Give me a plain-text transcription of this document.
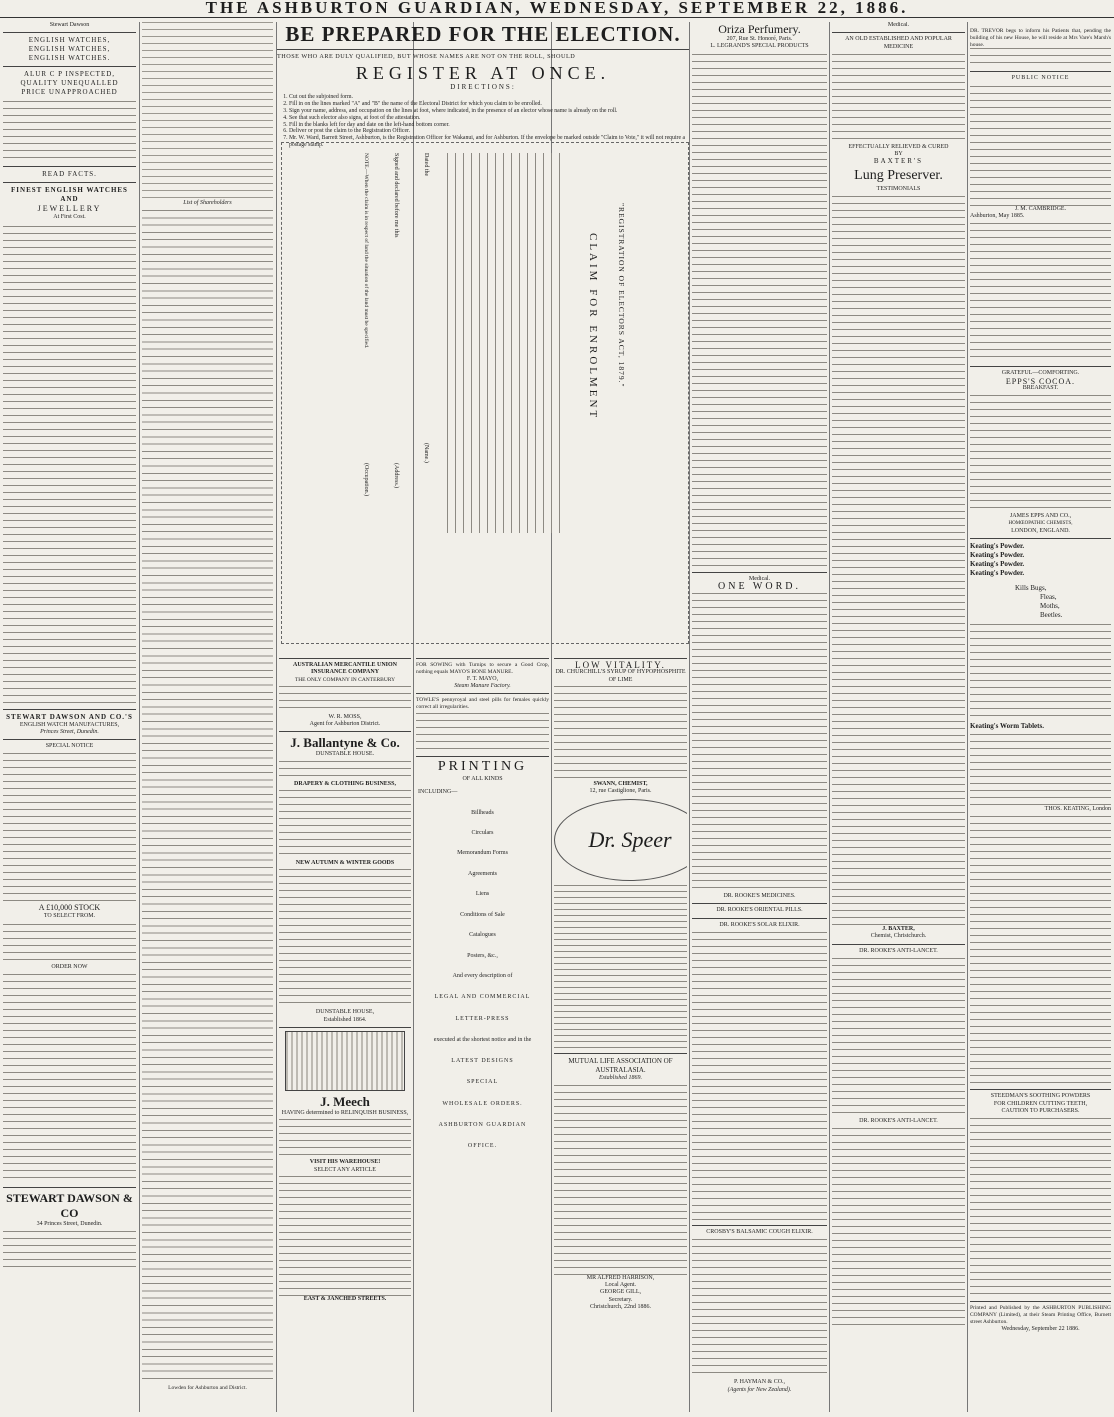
THE ASHBURTON GUARDIAN, WEDNESDAY, SEPTEMBER 22, 1886.
Stewart Dawson
ENGLISH WATCHES,
ENGLISH WATCHES,
ENGLISH WATCHES.
ALUR C P INSPECTED,
QUALITY UNEQUALLED
PRICE UNAPPROACHED
READ FACTS.
FINEST ENGLISH WATCHES AND
JEWELLERY
At First Cost.
STEWART DAWSON AND CO.'S
ENGLISH WATCH MANUFACTURES,
Princes Street, Dunedin.
SPECIAL NOTICE
A £10,000 STOCK
TO SELECT FROM.
ORDER NOW
STEWART DAWSON & CO
34 Princes Street, Dunedin.
List of Shareholders
Lowden for Ashburton and District.
BE PREPARED FOR THE ELECTION.
THOSE WHO ARE DULY QUALIFIED, BUT WHOSE NAMES ARE NOT ON THE ROLL, SHOULD
REGISTER AT ONCE.
DIRECTIONS:
1. Cut out the subjoined form.
2. Fill in on the lines marked "A" and "B" the name of the Electoral District for which you claim to be enrolled.
3. Sign your name, address, and occupation on the lines at foot, where indicated, in the presence of an elector whose name is already on the roll.
4. See that such elector also signs, at foot of the attestation.
5. Fill in the blanks left for day and date on the left-hand bottom corner.
6. Deliver or post the claim to the Registration Officer.
7. Mr. W. Ward, Barrett Street, Ashburton, is the Registration Officer for Wakanui, and for Ashburton. If the envelope be marked outside "Claim to Vote," it will not require a postage stamp.
"REGISTRATION OF ELECTORS ACT, 1879."
CLAIM FOR ENROLMENT
Dated the
Signed and declared before me this
NOTE.—When the claim is in respect of land the situation of the land must be specified.
(Name.)
(Address.)
(Occupation.)
AUSTRALIAN MERCANTILE UNION INSURANCE COMPANY
THE ONLY COMPANY IN CANTERBURY
W. R. MOSS,
Agent for Ashburton District.
J. Ballantyne & Co.
DUNSTABLE HOUSE.
DRAPERY & CLOTHING BUSINESS,
NEW AUTUMN & WINTER GOODS
DUNSTABLE HOUSE,
Established 1864.
J. Meech
HAVING determined to RELINQUISH BUSINESS,
VISIT HIS WAREHOUSE!
SELECT ANY ARTICLE
EAST & JANCHED STREETS.
FOR SOWING with Turnips to secure a Good Crop, nothing equals MAYO'S BONE MANURE.
F. T. MAYO,
Steam Manure Factory.
TOWLE'S pennyroyal and steel pills for females quickly correct all irregularities.
PRINTING
OF ALL KINDS
INCLUDING—
Billheads
Circulars
Memorandum Forms
Agreements
Liens
Conditions of Sale
Catalogues
Posters, &c.,
And every description of
LEGAL AND COMMERCIAL
LETTER-PRESS
executed at the shortest notice and in the
LATEST DESIGNS
SPECIAL
WHOLESALE ORDERS.
ASHBURTON GUARDIAN
OFFICE.
LOW VITALITY.
DR. CHURCHILL'S SYRUP OF HYPOPHOSPHITE OF LIME
SWANN, CHEMIST,
12, rue Castiglione, Paris.
Dr. Speer
MUTUAL LIFE ASSOCIATION OF AUSTRALASIA.
Established 1869.
MR ALFRED HARRISON,
Local Agent.
GEORGE GILL,
Secretary.
Christchurch, 22nd 1886.
Oriza Perfumery.
207, Rue St. Honoré, Paris.
L. LEGRAND'S SPECIAL PRODUCTS
Medical.
ONE WORD.
DR. ROOKE'S MEDICINES.
DR. ROOKE'S ORIENTAL PILLS.
DR. ROOKE'S SOLAR ELIXIR.
CROSBY'S BALSAMIC COUGH ELIXIR.
P. HAYMAN & CO.,
(Agents for New Zealand).
Medical.
AN OLD ESTABLISHED AND POPULAR MEDICINE
EFFECTUALLY RELIEVED & CURED
BY
BAXTER'S
Lung Preserver.
TESTIMONIALS
J. BAXTER,
Chemist, Christchurch.
DR. ROOKE'S ANTI-LANCET.
DR. ROOKE'S ANTI-LANCET.
DR. TREVOR begs to inform his Patients that, pending the building of his new House, he will reside at Mrs Vare's Marsh's house.
PUBLIC NOTICE
J. M. CAMBRIDGE.
Ashburton, May 1885.
GRATEFUL—COMFORTING.
EPPS'S COCOA.
BREAKFAST.
JAMES EPPS AND CO.,
HOMŒOPATHIC CHEMISTS,
LONDON, ENGLAND.
Keating's Powder.
Keating's Powder.
Keating's Powder.
Keating's Powder.
Kills Bugs,
Fleas,
Moths,
Beetles.
Keating's Worm Tablets.
THOS. KEATING, London
STEEDMAN'S SOOTHING POWDERS
FOR CHILDREN CUTTING TEETH,
CAUTION TO PURCHASERS.
Printed and Published by the ASHBURTON PUBLISHING COMPANY (Limited), at their Steam Printing Office, Burnett street Ashburton.
Wednesday, September 22 1886.
